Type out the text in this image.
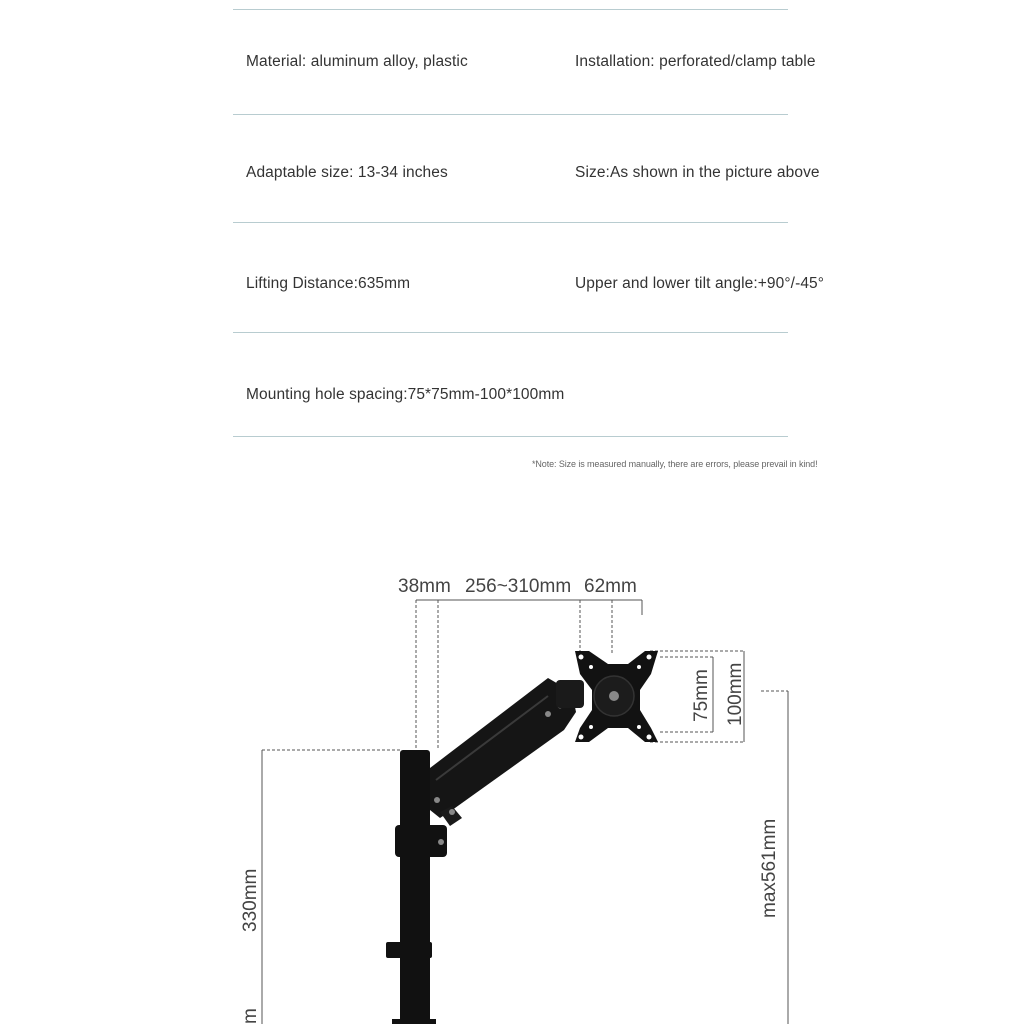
Material: aluminum alloy, plastic	Installation: perforated/clamp table
Adaptable size: 13-34 inches	Size:As shown in the picture above
Lifting Distance:635mm	Upper and lower tilt angle:+90°/-45°
Mounting hole spacing:75*75mm-100*100mm
*Note: Size is measured manually, there are errors, please prevail in kind!
38mm 256~310mm 62mm
75mm 100mm
330mm	max561mm
m
